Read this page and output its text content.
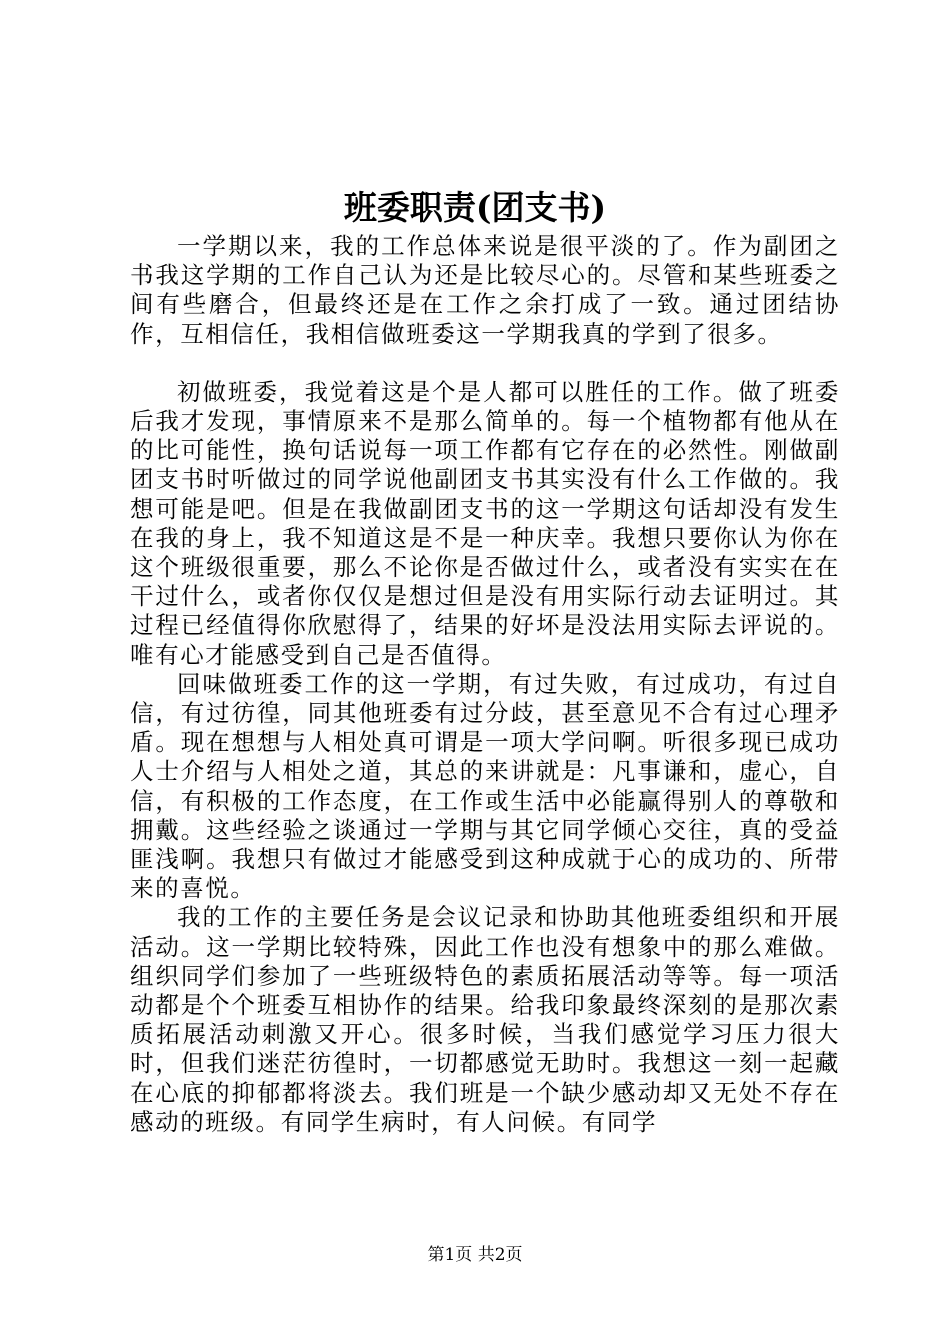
班委职责(团支书)

一学期以来，我的工作总体来说是很平淡的了。作为副团之书我这学期的工作自己认为还是比较尽心的。尽管和某些班委之间有些磨合，但最终还是在工作之余打成了一致。通过团结协作，互相信任，我相信做班委这一学期我真的学到了很多。

初做班委，我觉着这是个是人都可以胜任的工作。做了班委后我才发现，事情原来不是那么简单的。每一个植物都有他从在的比可能性，换句话说每一项工作都有它存在的必然性。刚做副团支书时听做过的同学说他副团支书其实没有什么工作做的。我想可能是吧。但是在我做副团支书的这一学期这句话却没有发生在我的身上，我不知道这是不是一种庆幸。我想只要你认为你在这个班级很重要，那么不论你是否做过什么，或者没有实实在在干过什么，或者你仅仅是想过但是没有用实际行动去证明过。其过程已经值得你欣慰得了，结果的好坏是没法用实际去评说的。唯有心才能感受到自己是否值得。

回味做班委工作的这一学期，有过失败，有过成功，有过自信，有过彷徨，同其他班委有过分歧，甚至意见不合有过心理矛盾。现在想想与人相处真可谓是一项大学问啊。听很多现已成功人士介绍与人相处之道，其总的来讲就是：凡事谦和，虚心，自信，有积极的工作态度，在工作或生活中必能赢得别人的尊敬和拥戴。这些经验之谈通过一学期与其它同学倾心交往，真的受益匪浅啊。我想只有做过才能感受到这种成就于心的成功的、所带来的喜悦。

我的工作的主要任务是会议记录和协助其他班委组织和开展活动。这一学期比较特殊，因此工作也没有想象中的那么难做。组织同学们参加了一些班级特色的素质拓展活动等等。每一项活动都是个个班委互相协作的结果。给我印象最终深刻的是那次素质拓展活动刺激又开心。很多时候，当我们感觉学习压力很大时，但我们迷茫彷徨时，一切都感觉无助时。我想这一刻一起藏在心底的抑郁都将淡去。我们班是一个缺少感动却又无处不存在感动的班级。有同学生病时，有人问候。有同学

第1页 共2页
